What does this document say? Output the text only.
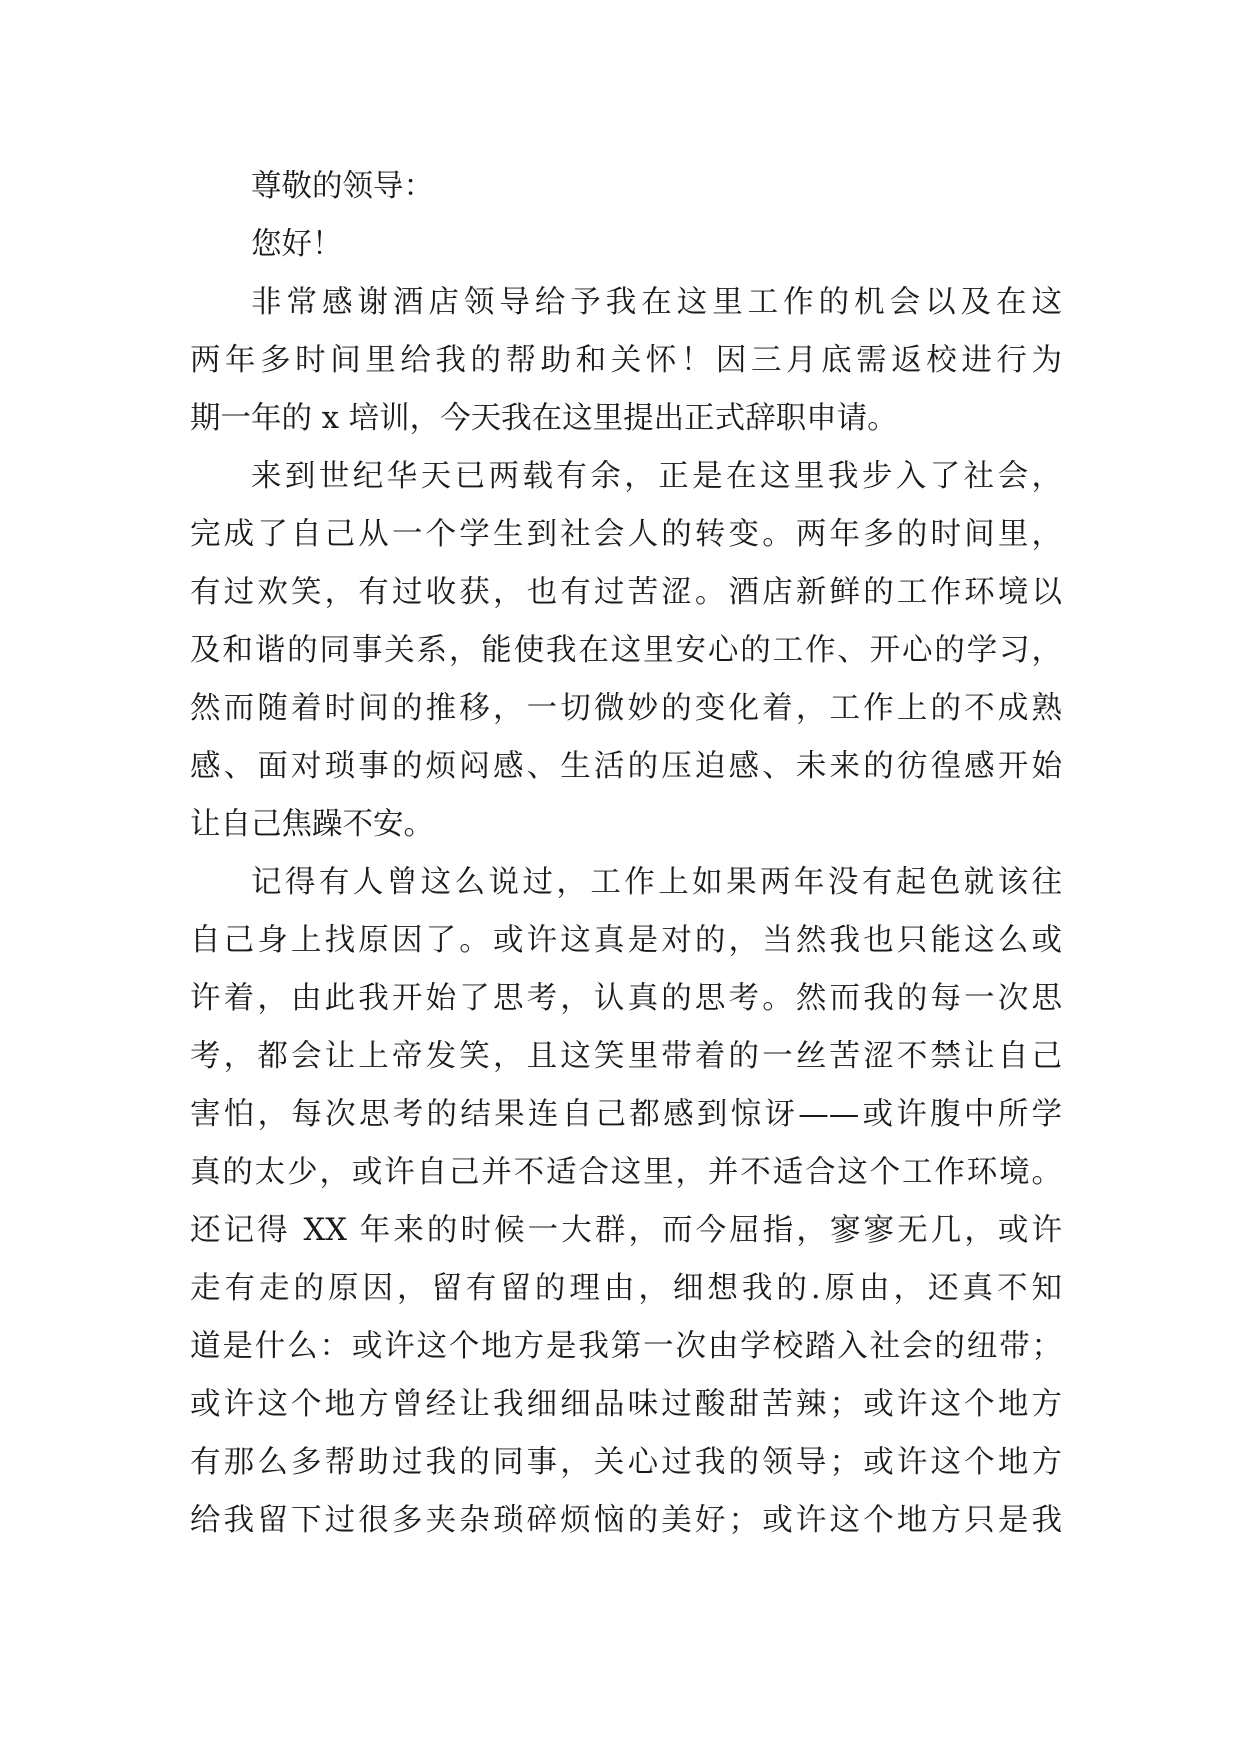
尊敬的领导：
您好！
非常感谢酒店领导给予我在这里工作的机会以及在这
两年多时间里给我的帮助和关怀！因三月底需返校进行为
期一年的 x 培训，今天我在这里提出正式辞职申请。
来到世纪华天已两载有余，正是在这里我步入了社会，
完成了自己从一个学生到社会人的转变。两年多的时间里，
有过欢笑，有过收获，也有过苦涩。酒店新鲜的工作环境以
及和谐的同事关系，能使我在这里安心的工作、开心的学习，
然而随着时间的推移，一切微妙的变化着，工作上的不成熟
感、面对琐事的烦闷感、生活的压迫感、未来的彷徨感开始
让自己焦躁不安。
记得有人曾这么说过，工作上如果两年没有起色就该往
自己身上找原因了。或许这真是对的，当然我也只能这么或
许着，由此我开始了思考，认真的思考。然而我的每一次思
考，都会让上帝发笑，且这笑里带着的一丝苦涩不禁让自己
害怕，每次思考的结果连自己都感到惊讶——或许腹中所学
真的太少，或许自己并不适合这里，并不适合这个工作环境。
还记得 XX 年来的时候一大群，而今屈指，寥寥无几，或许
走有走的原因，留有留的理由，细想我的.原由，还真不知
道是什么：或许这个地方是我第一次由学校踏入社会的纽带；
或许这个地方曾经让我细细品味过酸甜苦辣；或许这个地方
有那么多帮助过我的同事，关心过我的领导；或许这个地方
给我留下过很多夹杂琐碎烦恼的美好；或许这个地方只是我
